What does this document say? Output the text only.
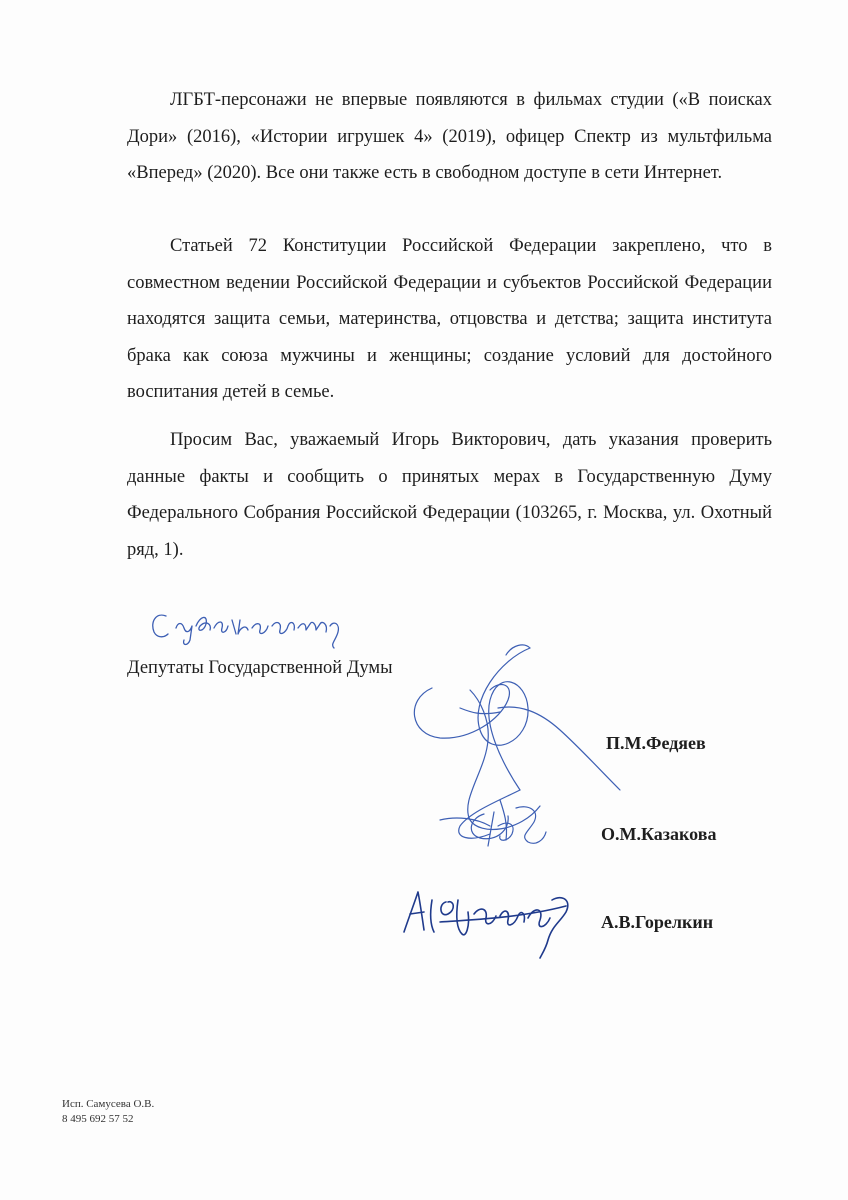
ЛГБТ-персонажи не впервые появляются в фильмах студии («В поисках Дори» (2016), «Истории игрушек 4» (2019), офицер Спектр из мультфильма «Вперед» (2020). Все они также есть в свободном доступе в сети Интернет.

Статьей 72 Конституции Российской Федерации закреплено, что в совместном ведении Российской Федерации и субъектов Российской Федерации находятся защита семьи, материнства, отцовства и детства; защита института брака как союза мужчины и женщины; создание условий для достойного воспитания детей в семье.

Просим Вас, уважаемый Игорь Викторович, дать указания проверить данные факты и сообщить о принятых мерах в Государственную Думу Федерального Собрания Российской Федерации (103265, г. Москва, ул. Охотный ряд, 1).

Депутаты Государственной Думы

П.М.Федяев

О.М.Казакова

А.В.Горелкин

Исп. Самусева О.В.
8 495 692 57 52
